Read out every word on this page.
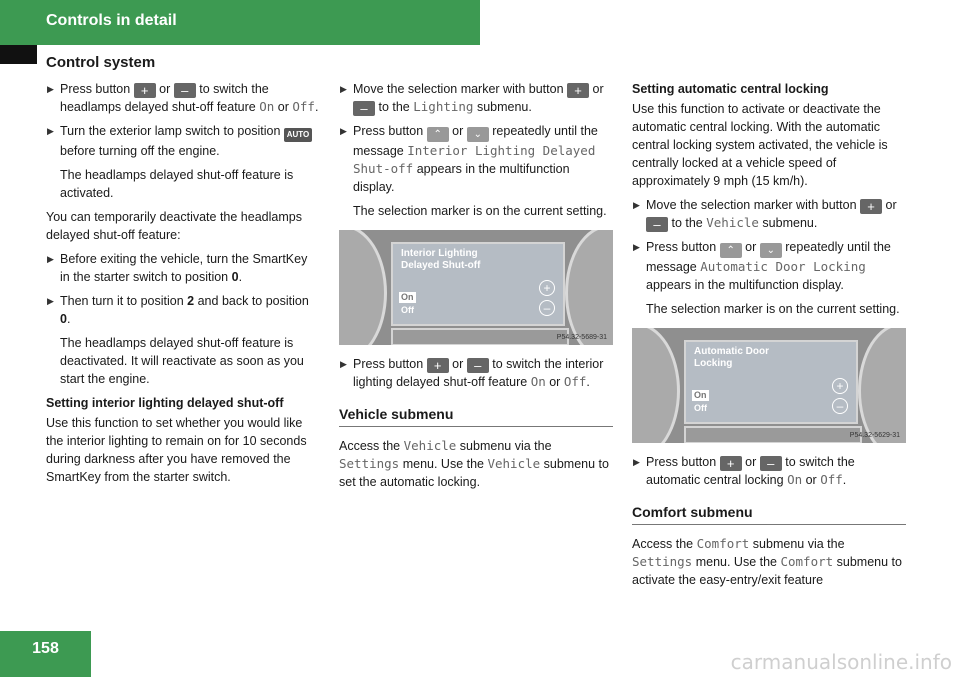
Controls in detail
Control system
▶ Press button + or – to switch the headlamps delayed shut-off feature On or Off.
▶ Turn the exterior lamp switch to position AUTO before turning off the engine.

The headlamps delayed shut-off feature is activated.

You can temporarily deactivate the headlamps delayed shut-off feature:

▶ Before exiting the vehicle, turn the SmartKey in the starter switch to position 0.
▶ Then turn it to position 2 and back to position 0.

The headlamps delayed shut-off feature is deactivated. It will reactivate as soon as you start the engine.

Setting interior lighting delayed shut-off

Use this function to set whether you would like the interior lighting to remain on for 10 seconds during darkness after you have removed the SmartKey from the starter switch.

▶ Move the selection marker with button + or – to the Lighting submenu.
▶ Press button ⌃ or ⌄ repeatedly until the message Interior Lighting Delayed Shut-off appears in the multifunction display.

The selection marker is on the current setting.

Interior Lighting
Delayed Shut-off
On
Off
+
–
P54.32-5689-31
▶ Press button + or – to switch the interior lighting delayed shut-off feature On or Off.

Vehicle submenu

Access the Vehicle submenu via the Settings menu. Use the Vehicle submenu to set the automatic locking.

Setting automatic central locking

Use this function to activate or deactivate the automatic central locking. With the automatic central locking system activated, the vehicle is centrally locked at a vehicle speed of approximately 9 mph (15 km/h).

▶ Move the selection marker with button + or – to the Vehicle submenu.
▶ Press button ⌃ or ⌄ repeatedly until the message Automatic Door Locking appears in the multifunction display.

The selection marker is on the current setting.

Automatic Door
Locking
On
Off
+
–
P54.32-5629-31
▶ Press button + or – to switch the automatic central locking On or Off.

Comfort submenu

Access the Comfort submenu via the Settings menu. Use the Comfort submenu to activate the easy-entry/exit feature

158
carmanualsonline.info
